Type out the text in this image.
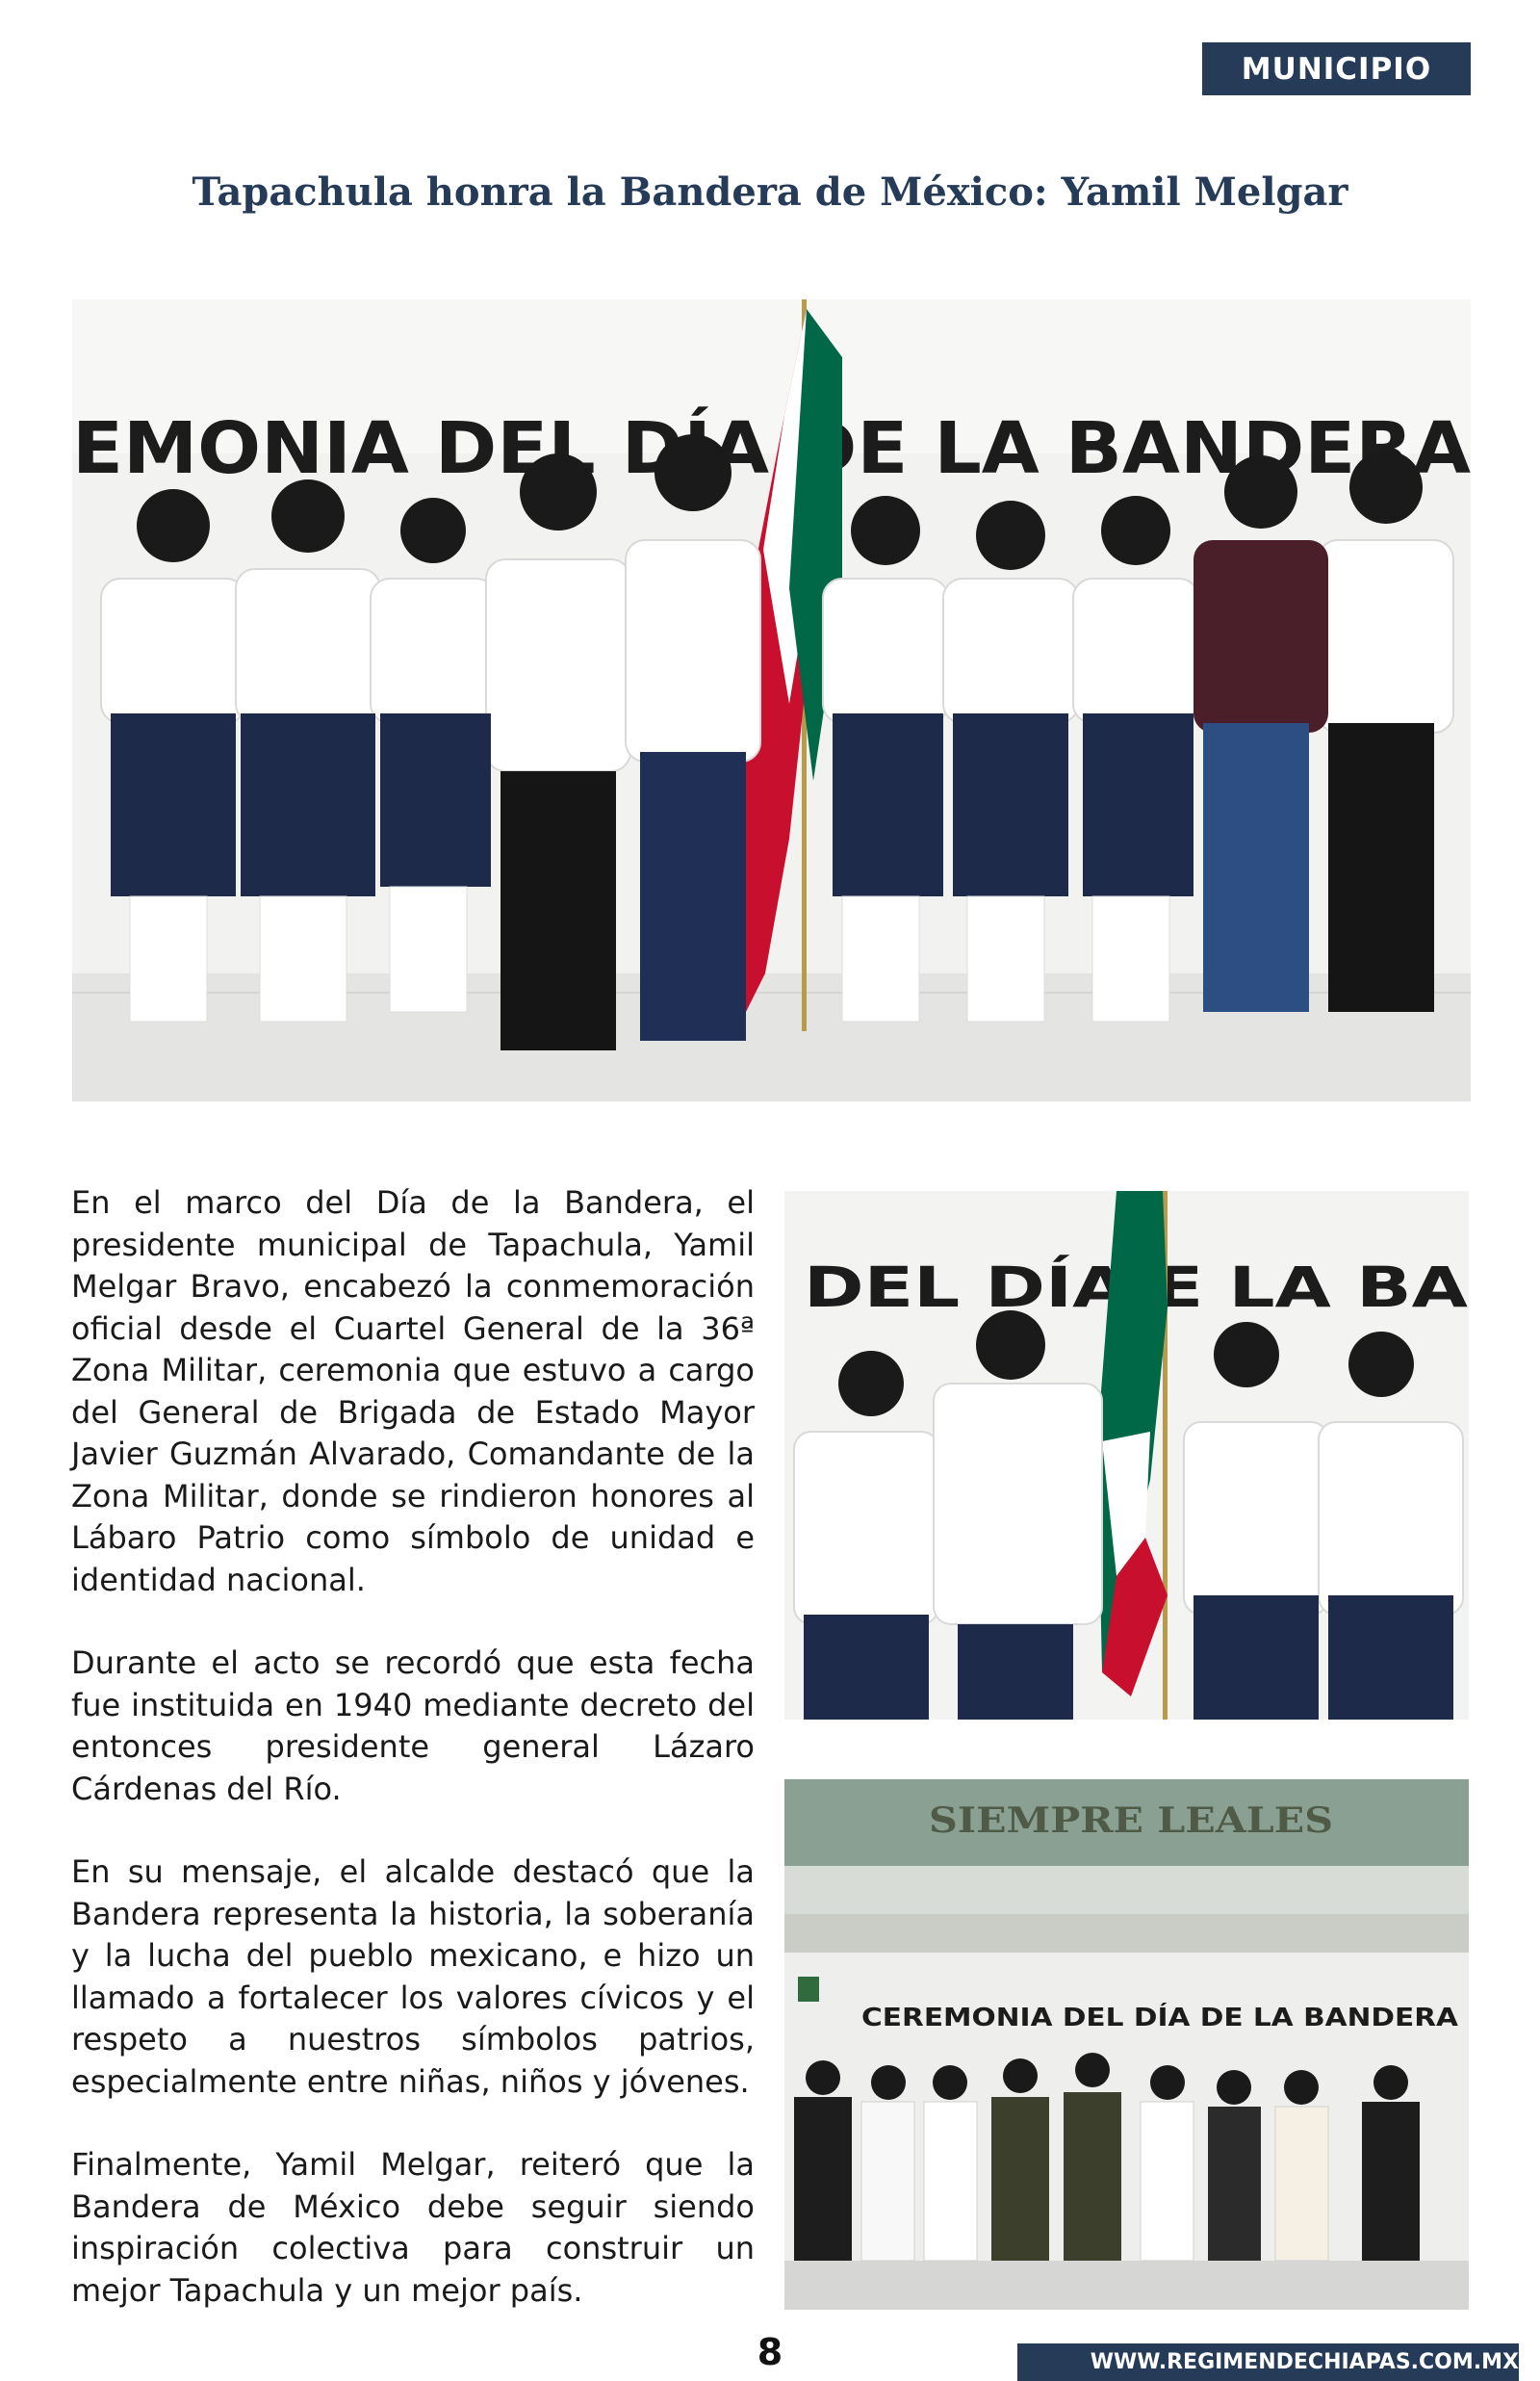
MUNICIPIO
Tapachula honra la Bandera de México: Yamil Melgar
EMONIA DEL DÍA DE LA BANDERA

En el marco del Día de la Bandera, el presidente municipal de Tapachula, Yamil Melgar Bravo, encabezó la conmemoración oficial desde el Cuartel General de la 36ª Zona Militar, ceremonia que estuvo a cargo del General de Brigada de Estado Mayor Javier Guzmán Alvarado, Comandante de la Zona Militar, donde se rindieron honores al Lábaro Patrio como símbolo de unidad e identidad nacional.

Durante el acto se recordó que esta fecha fue instituida en 1940 mediante decreto del entonces presidente general Lázaro Cárdenas del Río.

En su mensaje, el alcalde destacó que la Bandera representa la historia, la soberanía y la lucha del pueblo mexicano, e hizo un llamado a fortalecer los valores cívicos y el respeto a nuestros símbolos patrios, especialmente entre niñas, niños y jóvenes.

Finalmente, Yamil Melgar, reiteró que la Bandera de México debe seguir siendo inspiración colectiva para construir un mejor Tapachula y un mejor país.

DEL DÍA E LA BA
SIEMPRE LEALES
CEREMONIA DEL DÍA DE LA BANDERA
8	WWW.REGIMENDECHIAPAS.COM.MX
